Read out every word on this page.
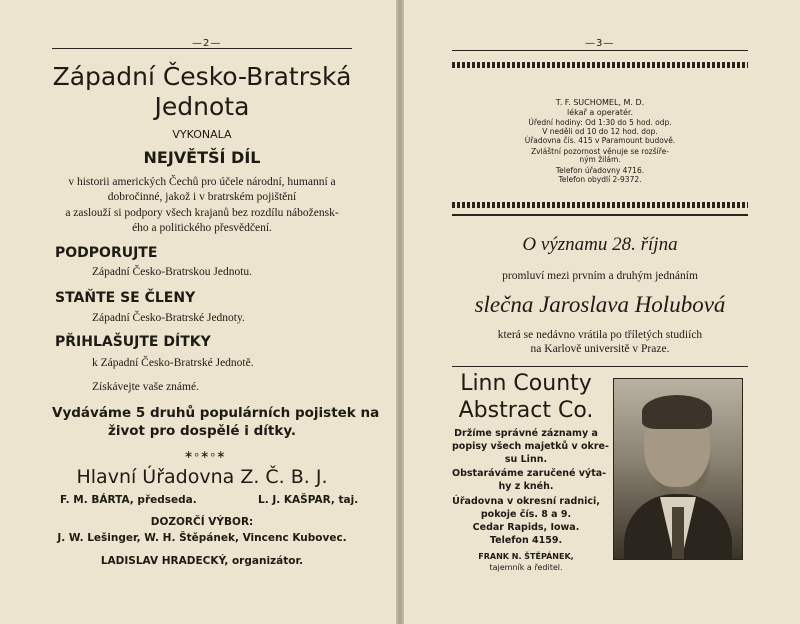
—2—
Západní Česko-Bratrská
Jednota
VYKONALA
NEJVĚTŠÍ DÍL
v historii amerických Čechů pro účele národní, humanní a
dobročinné, jakož i v bratrském pojištění
a zaslouží si podpory všech krajanů bez rozdílu nábožensk-
ého a politického přesvědčení.
PODPORUJTE
Západní Česko-Bratrskou Jednotu.
STAŇTE SE ČLENY
Západní Česko-Bratrské Jednoty.
PŘIHLAŠUJTE DÍTKY
k Západní Česko-Bratrské Jednotě.
Získávejte vaše známé.
Vydáváme 5 druhů populárních pojistek na
život pro dospělé i dítky.
∗∘∗∘∗
Hlavní Úřadovna Z. Č. B. J.
F. M. BÁRTA, předseda.	L. J. KAŠPAR, taj.
DOZORČÍ VÝBOR:
J. W. Lešinger, W. H. Štěpánek, Vincenc Kubovec.
LADISLAV HRADECKÝ, organizátor.
—3—
T. F. SUCHOMEL, M. D.
lékař a operatér.
Úřední hodiny: Od 1:30 do 5 hod. odp.
V neděli od 10 do 12 hod. dop.
Úřadovna čís. 415 v Paramount budově.
Zvláštní pozornost věnuje se rozšíře-
ným žilám.
Telefon úřadovny 4716.
Telefon obydlí 2-9372.
O významu 28. října
promluví mezi prvním a druhým jednáním
slečna Jaroslava Holubová
která se nedávno vrátila po tříletých studiích
na Karlově universitě v Praze.
Linn County
Abstract Co.
Držíme správné záznamy a
popisy všech majetků v okre-
su Linn.
Obstaráváme zaručené výta-
hy z knéh.
Úřadovna v okresní radnici,
pokoje čís. 8 a 9.
Cedar Rapids, Iowa.
Telefon 4159.
FRANK N. ŠTĚPÁNEK,
tajemník a ředitel.
